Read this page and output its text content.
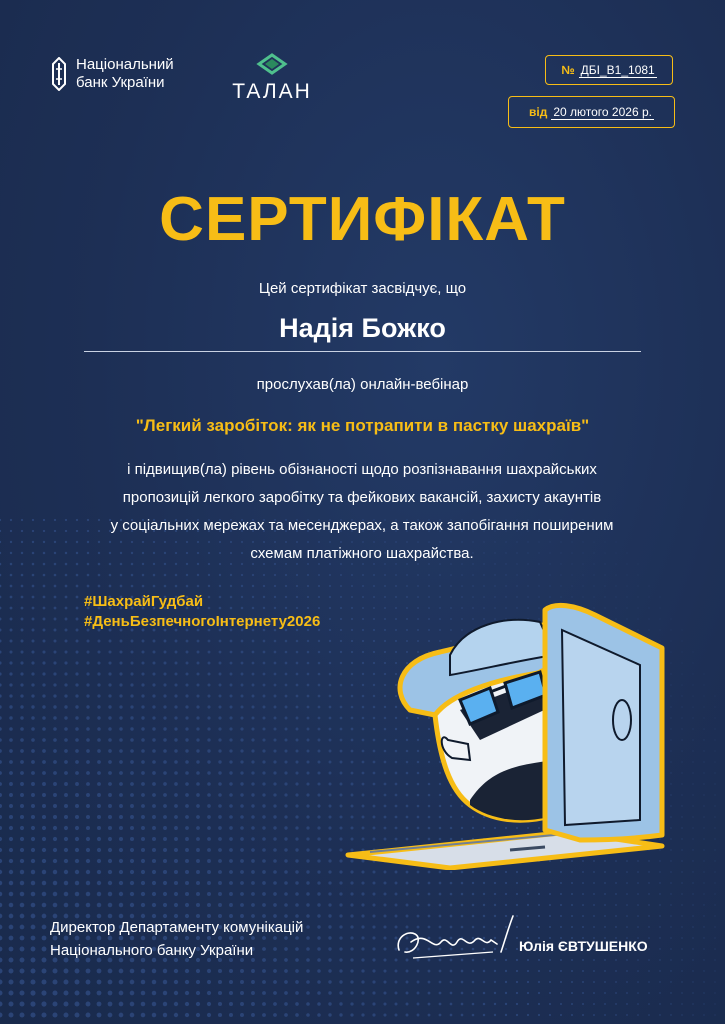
Національний
банк України	ТАЛАН
№ ДБІ_В1_1081
від 20 лютого 2026 р.
СЕРТИФІКАТ
Цей сертифікат засвідчує, що
Надія Божко
прослухав(ла) онлайн-вебінар
"Легкий заробіток: як не потрапити в пастку шахраїв"
і підвищив(ла) рівень обізнаності щодо розпізнавання шахрайських
пропозицій легкого заробітку та фейкових вакансій, захисту акаунтів
у соціальних мережах та месенджерах, а також запобігання поширеним
схемам платіжного шахрайства.
#ШахрайГудбай
#ДеньБезпечногоІнтернету2026
Директор Департаменту комунікацій
Національного банку України	Юлія ЄВТУШЕНКО
